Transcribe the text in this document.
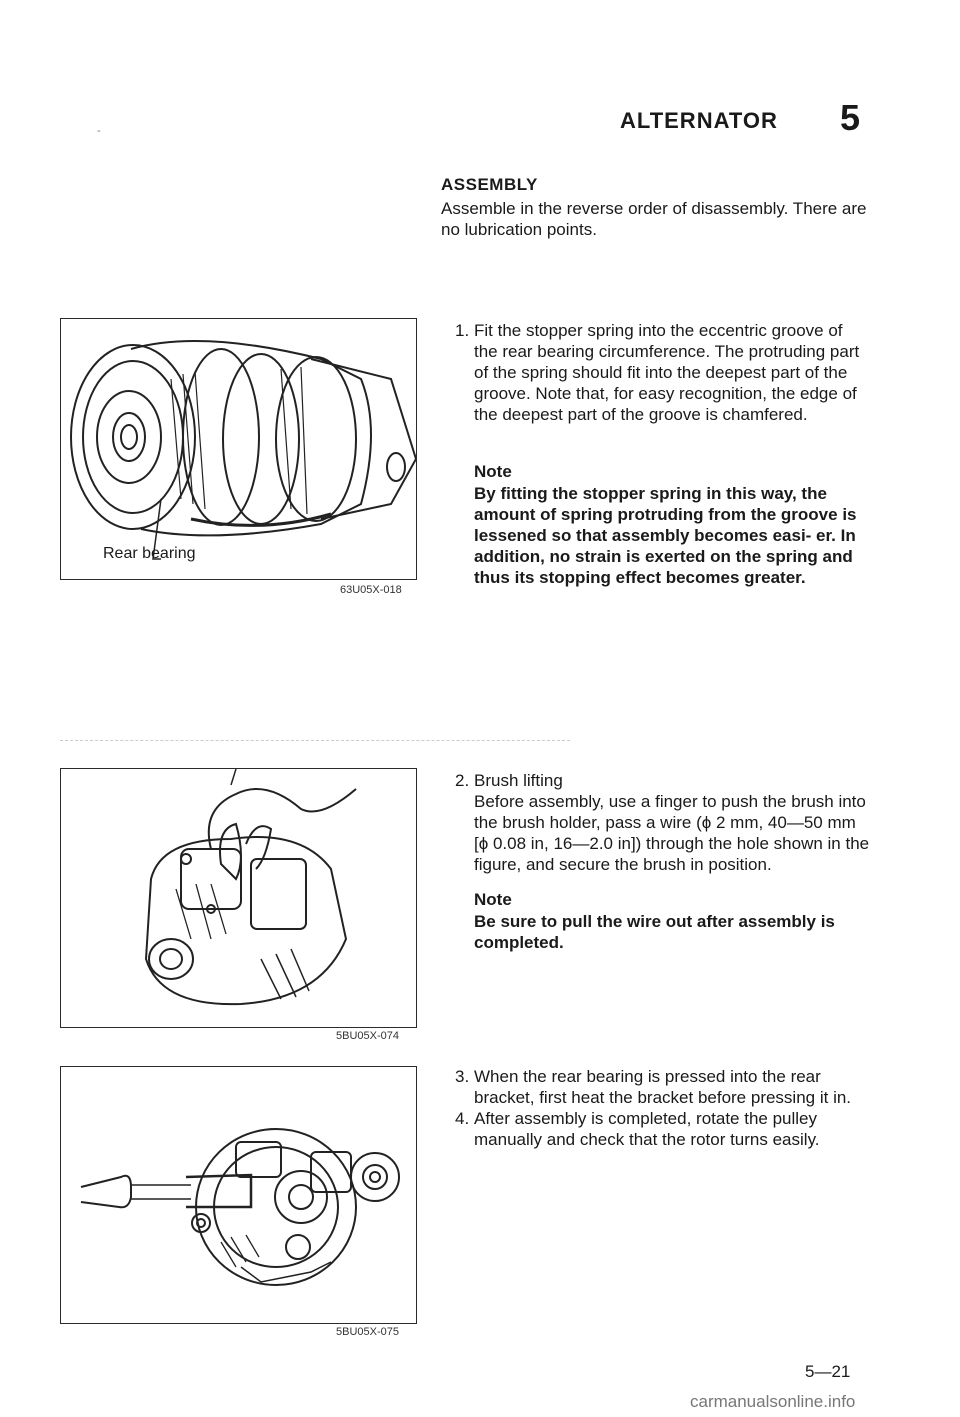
ALTERNATOR 5
-
ASSEMBLY
Assemble in the reverse order of disassembly. There are no lubrication points.
Rear bearing
63U05X-018
1. Fit the stopper spring into the eccentric groove of the rear bearing circumference. The protruding part of the spring should fit into the deepest part of the groove. Note that, for easy recognition, the edge of the deepest part of the groove is chamfered.
Note
By fitting the stopper spring in this way, the amount of spring protruding from the groove is lessened so that assembly becomes easi- er. In addition, no strain is exerted on the spring and thus its stopping effect becomes greater.
5BU05X-074
2. Brush lifting
Before assembly, use a finger to push the brush into the brush holder, pass a wire (ϕ 2 mm, 40—50 mm [ϕ 0.08 in, 16—2.0 in]) through the hole shown in the figure, and secure the brush in position.
Note
Be sure to pull the wire out after assembly is completed.
5BU05X-075
3. When the rear bearing is pressed into the rear bracket, first heat the bracket before pressing it in.
4. After assembly is completed, rotate the pulley manually and check that the rotor turns easily.
5—21
carmanualsonline.info
